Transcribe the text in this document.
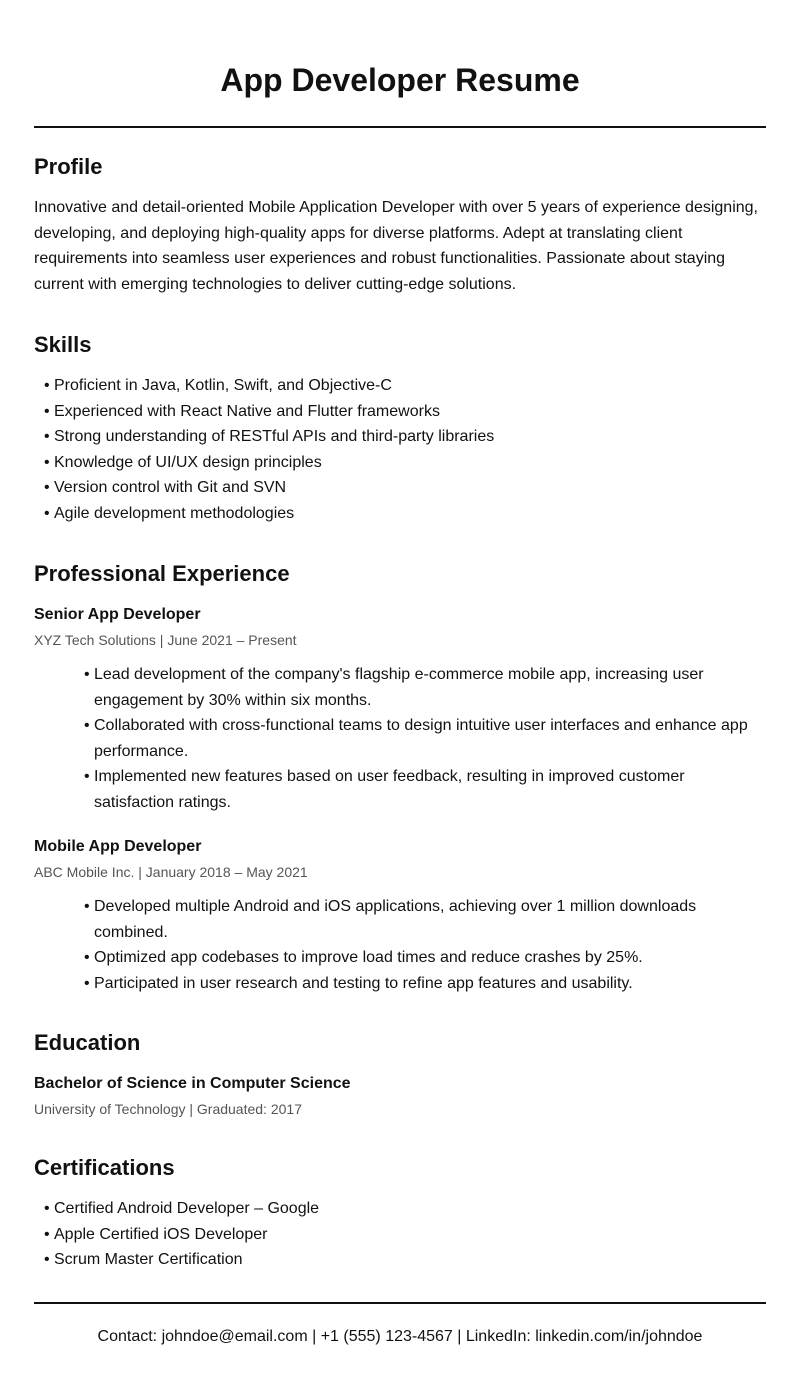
App Developer Resume
Profile

Innovative and detail-oriented Mobile Application Developer with over 5 years of experience designing, developing, and deploying high-quality apps for diverse platforms. Adept at translating client requirements into seamless user experiences and robust functionalities. Passionate about staying current with emerging technologies to deliver cutting-edge solutions.

Skills
• Proficient in Java, Kotlin, Swift, and Objective-C
• Experienced with React Native and Flutter frameworks
• Strong understanding of RESTful APIs and third-party libraries
• Knowledge of UI/UX design principles
• Version control with Git and SVN
• Agile development methodologies
Professional Experience
Senior App Developer
XYZ Tech Solutions | June 2021 – Present
• Lead development of the company's flagship e-commerce mobile app, increasing user engagement by 30% within six months.
• Collaborated with cross-functional teams to design intuitive user interfaces and enhance app performance.
• Implemented new features based on user feedback, resulting in improved customer satisfaction ratings.
Mobile App Developer
ABC Mobile Inc. | January 2018 – May 2021
• Developed multiple Android and iOS applications, achieving over 1 million downloads combined.
• Optimized app codebases to improve load times and reduce crashes by 25%.
• Participated in user research and testing to refine app features and usability.
Education
Bachelor of Science in Computer Science
University of Technology | Graduated: 2017
Certifications
• Certified Android Developer – Google
• Apple Certified iOS Developer
• Scrum Master Certification
Contact: johndoe@email.com | +1 (555) 123-4567 | LinkedIn: linkedin.com/in/johndoe
